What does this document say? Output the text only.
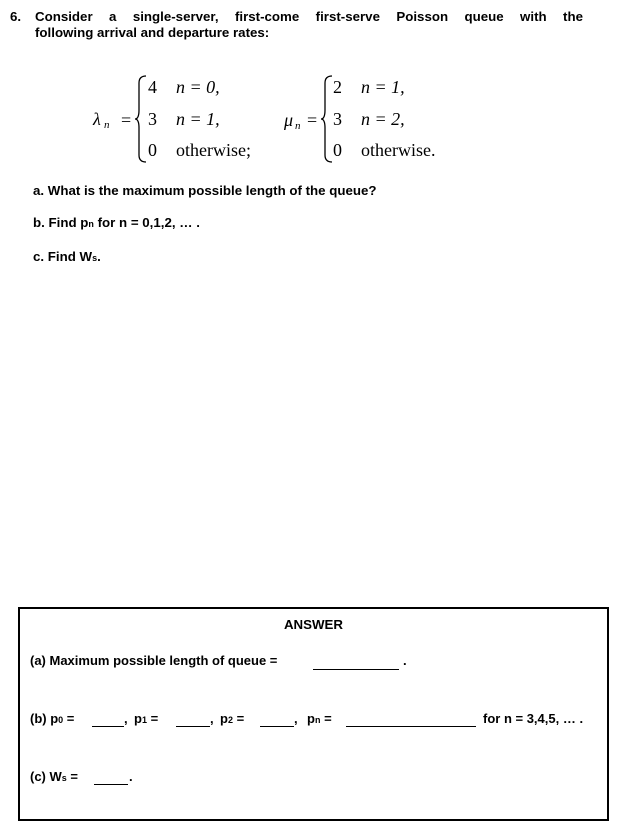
6. Consider a single-server, first-come first-serve Poisson queue with the
following arrival and departure rates:
λ n =
4 n = 0,
3 n = 1,
0 otherwise;
μ n =
2 n = 1,
3 n = 2,
0 otherwise.
a. What is the maximum possible length of the queue?
b. Find pn for n = 0,1,2, … .
c. Find Ws.
ANSWER
(a) Maximum possible length of queue =	.
(b) p0 =	, p1 =	, p2 =	, pn =	for n = 3,4,5, … .
(c) Ws =	.
